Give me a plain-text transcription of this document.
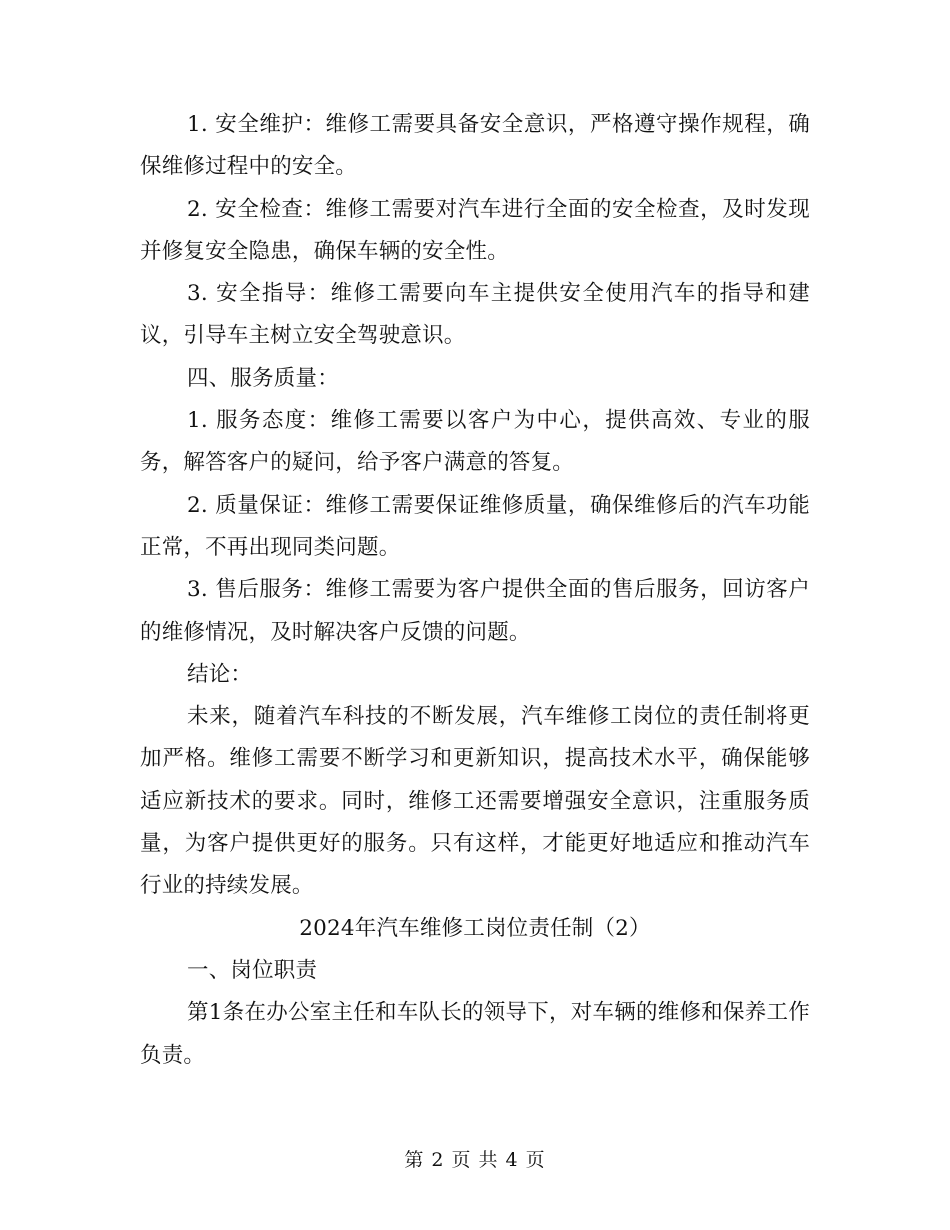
1. 安全维护：维修工需要具备安全意识，严格遵守操作规程，确保维修过程中的安全。

2. 安全检查：维修工需要对汽车进行全面的安全检查，及时发现并修复安全隐患，确保车辆的安全性。

3. 安全指导：维修工需要向车主提供安全使用汽车的指导和建议，引导车主树立安全驾驶意识。

四、服务质量：

1. 服务态度：维修工需要以客户为中心，提供高效、专业的服务，解答客户的疑问，给予客户满意的答复。

2. 质量保证：维修工需要保证维修质量，确保维修后的汽车功能正常，不再出现同类问题。

3. 售后服务：维修工需要为客户提供全面的售后服务，回访客户的维修情况，及时解决客户反馈的问题。

结论：

未来，随着汽车科技的不断发展，汽车维修工岗位的责任制将更加严格。维修工需要不断学习和更新知识，提高技术水平，确保能够适应新技术的要求。同时，维修工还需要增强安全意识，注重服务质量，为客户提供更好的服务。只有这样，才能更好地适应和推动汽车行业的持续发展。

2024年汽车维修工岗位责任制（2）

一、岗位职责

第1条在办公室主任和车队长的领导下，对车辆的维修和保养工作负责。

第 2 页 共 4 页
